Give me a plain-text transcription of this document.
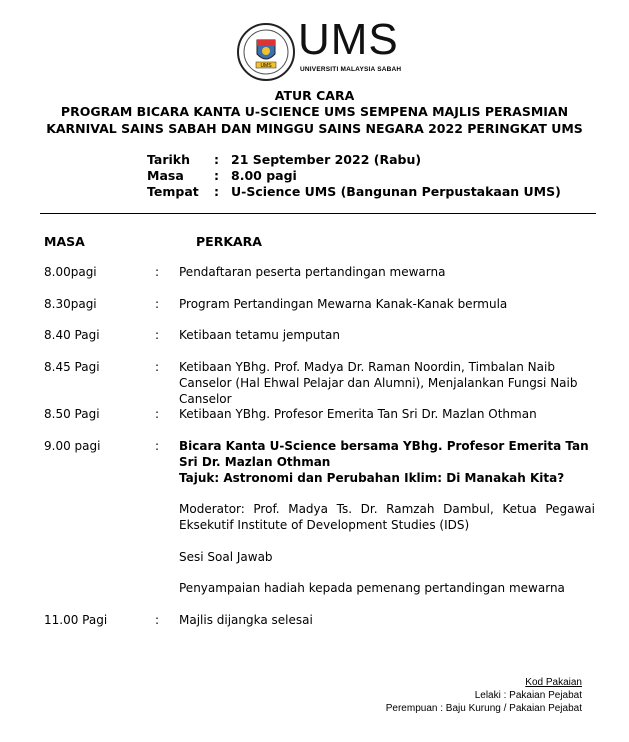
UMS
UMS
UNIVERSITI MALAYSIA SABAH
ATUR CARA
PROGRAM BICARA KANTA U-SCIENCE UMS SEMPENA MAJLIS PERASMIAN
KARNIVAL SAINS SABAH DAN MINGGU SAINS NEGARA 2022 PERINGKAT UMS
Tarikh	: 21 September 2022 (Rabu)
Masa	: 8.00 pagi
Tempat	: U-Science UMS (Bangunan Perpustakaan UMS)
MASA	PERKARA
8.00pagi	: Pendaftaran peserta pertandingan mewarna
8.30pagi	: Program Pertandingan Mewarna Kanak-Kanak bermula
8.40 Pagi	: Ketibaan tetamu jemputan
8.45 Pagi	: Ketibaan YBhg. Prof. Madya Dr. Raman Noordin, Timbalan Naib Canselor (Hal Ehwal Pelajar dan Alumni), Menjalankan Fungsi Naib Canselor
8.50 Pagi	: Ketibaan YBhg. Profesor Emerita Tan Sri Dr. Mazlan Othman
9.00 pagi	: Bicara Kanta U-Science bersama YBhg. Profesor Emerita Tan Sri Dr. Mazlan Othman
Tajuk: Astronomi dan Perubahan Iklim: Di Manakah Kita?
Moderator: Prof. Madya Ts. Dr. Ramzah Dambul, Ketua Pegawai Eksekutif Institute of Development Studies (IDS)
Sesi Soal Jawab
Penyampaian hadiah kepada pemenang pertandingan mewarna
11.00 Pagi	: Majlis dijangka selesai
Kod Pakaian
Lelaki : Pakaian Pejabat
Perempuan : Baju Kurung / Pakaian Pejabat
